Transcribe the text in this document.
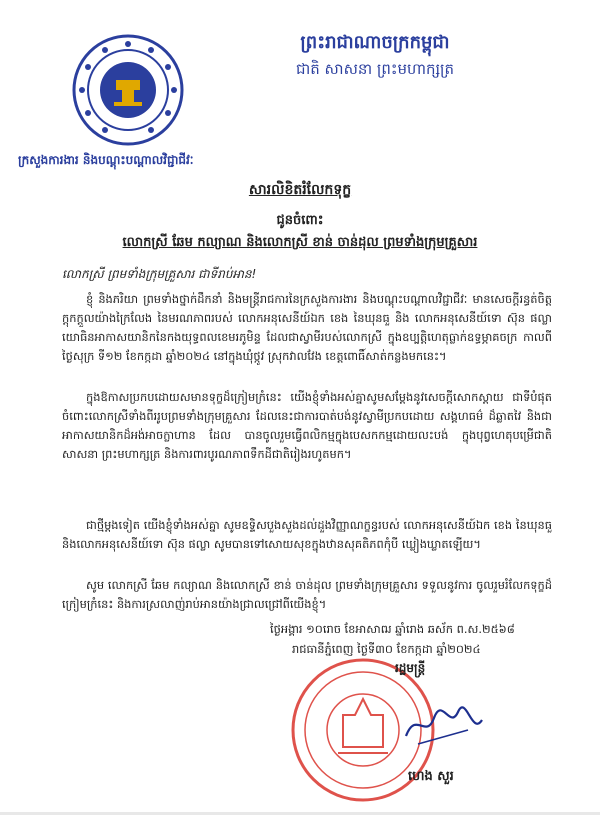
ព្រះរាជាណាចក្រកម្ពុជា
ជាតិ សាសនា ព្រះមហាក្សត្រ
ក្រសួងការងារ និងបណ្តុះបណ្តាលវិជ្ជាជីវៈ
សារលិខិតរំលែកទុក្ខ
ជូនចំពោះ
លោកស្រី ឆែម កល្យាណ និងលោកស្រី ខាន់ ចាន់ដុល ព្រមទាំងក្រុមគ្រួសារ
លោកស្រី ព្រមទាំងក្រុមគ្រួសារ ជាទីរាប់អាន!
ខ្ញុំ និងភរិយា ព្រមទាំងថ្នាក់ដឹកនាំ និងមន្ត្រីរាជការនៃក្រសួងការងារ និងបណ្តុះបណ្តាលវិជ្ជាជីវៈ មានសេចក្តីរន្ធត់ចិត្តក្តុកក្តួលយ៉ាងក្រៃលែង នៃមរណភាពរបស់ លោកអនុសេនីយ៍ឯក ខេង នៃឃុនធួ និង លោកអនុសេនីយ៍ទោ ស៊ុន ផល្លា យោធិនអាកាសយានិកនៃកងយុទ្ធពលខេមរភូមិន្ទ ដែលជាស្វាមីរបស់លោកស្រី ក្នុងឧប្បត្តិហេតុធ្លាក់ឧទ្ធម្ភាគចក្រ កាលពីថ្ងៃសុក្រ ទី១២ ខែកក្កដា ឆ្នាំ២០២៤ នៅក្នុងឃុំថ្កូវ ស្រុកវាលវែង ខេត្តពោធិ៍សាត់កន្លងមកនេះ។
ក្នុងឱកាសប្រកបដោយសមានទុក្ខដ៏ក្រៀមក្រំនេះ យើងខ្ញុំទាំងអស់គ្នាសូមសម្តែងនូវសេចក្តីសោកស្តាយ ជាទីបំផុត ចំពោះលោកស្រីទាំងពីររូបព្រមទាំងក្រុមគ្រួសារ ដែលនេះជាការបាត់បង់នូវស្វាមីប្រកបដោយ សង្គហធម៌ ដ៏ឆ្លាតវៃ និងជាអាកាសយានិកដ៏អង់អាចក្លាហាន ដែល បានចូលរួមធ្វើពលិកម្មក្នុងបេសកកម្មដោយលះបង់ ក្នុងបុព្វហេតុបម្រើជាតិ សាសនា ព្រះមហាក្សត្រ និងការពារបូរណភាពទឹកដីជាតិរៀងរហូតមក។
ជាថ្មីម្តងទៀត យើងខ្ញុំទាំងអស់គ្នា សូមឧទ្ទិសបួងសួងដល់ដួងវិញ្ញាណក្ខន្ធរបស់ លោកអនុសេនីយ៍ឯក ខេង នៃឃុនធួ និងលោកអនុសេនីយ៍ទោ ស៊ុន ផល្លា សូមបានទៅសោយសុខក្នុងឋានសុគតិភពកុំបី ឃ្លៀងឃ្លាតឡើយ។
សូម លោកស្រី ឆែម កល្យាណ និងលោកស្រី ខាន់ ចាន់ដុល ព្រមទាំងក្រុមគ្រួសារ ទទួលនូវការ ចូលរួមរំលែកទុក្ខដ៏ក្រៀមក្រំនេះ និងការស្រលាញ់រាប់អានយ៉ាងជ្រាលជ្រៅពីយើងខ្ញុំ។
ថ្ងៃអង្គារ ១០រោច ខែអាសាឍ ឆ្នាំរោង ឆស័ក ព.ស.២៥៦៨
រាជធានីភ្នំពេញ ថ្ងៃទី៣០ ខែកក្កដា ឆ្នាំ២០២៤
រដ្ឋមន្ត្រី
ហេង សួរ
